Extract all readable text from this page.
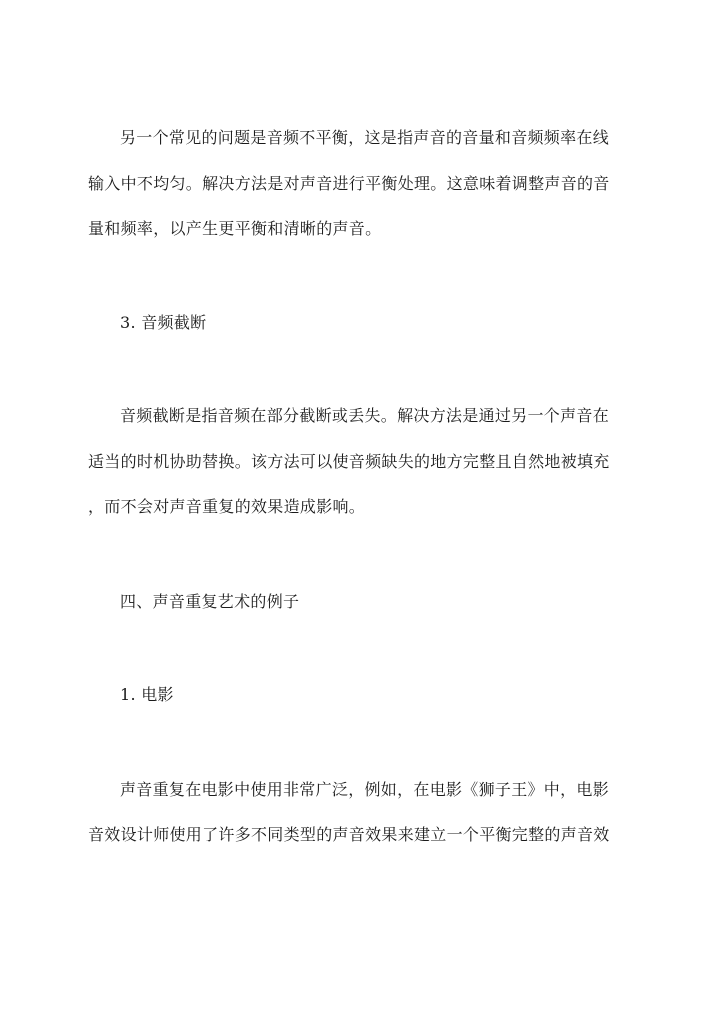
另一个常见的问题是音频不平衡，这是指声音的音量和音频频率在线
输入中不均匀。解决方法是对声音进行平衡处理。这意味着调整声音的音
量和频率，以产生更平衡和清晰的声音。
3. 音频截断
音频截断是指音频在部分截断或丢失。解决方法是通过另一个声音在
适当的时机协助替换。该方法可以使音频缺失的地方完整且自然地被填充
，而不会对声音重复的效果造成影响。
四、声音重复艺术的例子
1. 电影
声音重复在电影中使用非常广泛，例如，在电影《狮子王》中，电影
音效设计师使用了许多不同类型的声音效果来建立一个平衡完整的声音效
